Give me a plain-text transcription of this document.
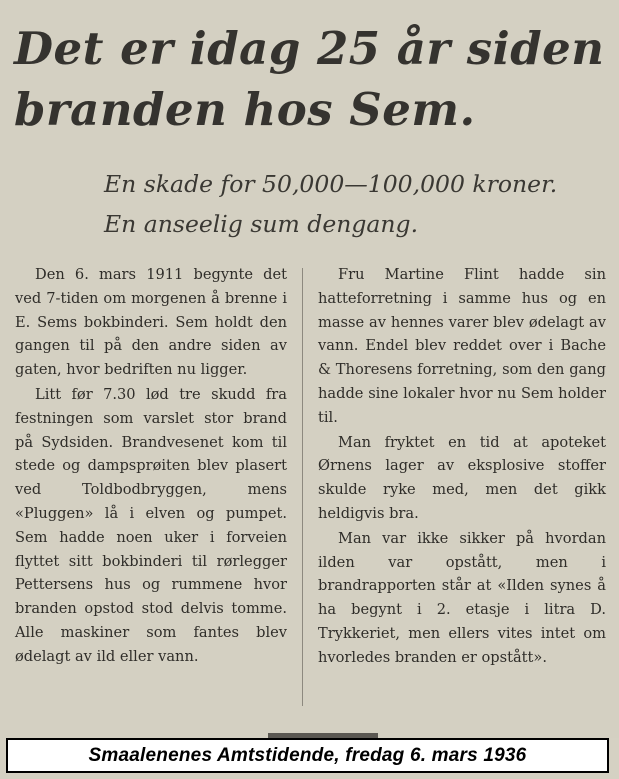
Det er idag 25 år siden
branden hos Sem.
En skade for 50,000—100,000 kroner.
En anseelig sum dengang.

Den 6. mars 1911 begynte det ved 7-tiden om morgenen å brenne i E. Sems bokbinderi. Sem holdt den gangen til på den andre siden av gaten, hvor bedriften nu ligger.

Litt før 7.30 lød tre skudd fra festningen som varslet stor brand på Sydsiden. Brandvesenet kom til stede og dampsprøiten blev plasert ved Toldbodbryggen, mens «Pluggen» lå i elven og pumpet. Sem hadde noen uker i forveien flyttet sitt bokbinderi til rørlegger Pettersens hus og rummene hvor branden opstod stod delvis tomme. Alle maskiner som fantes blev ødelagt av ild eller vann.

Fru Martine Flint hadde sin hatteforretning i samme hus og en masse av hennes varer blev ødelagt av vann. Endel blev reddet over i Bache & Thoresens forretning, som den gang hadde sine lokaler hvor nu Sem holder til.

Man fryktet en tid at apoteket Ørnens lager av eksplosive stoffer skulde ryke med, men det gikk heldigvis bra.

Man var ikke sikker på hvordan ilden var opstått, men i brandrapporten står at «Ilden synes å ha begynt i 2. etasje i litra D. Trykkeriet, men ellers vites intet om hvorledes branden er opstått».

Smaalenenes Amtstidende, fredag 6. mars 1936
